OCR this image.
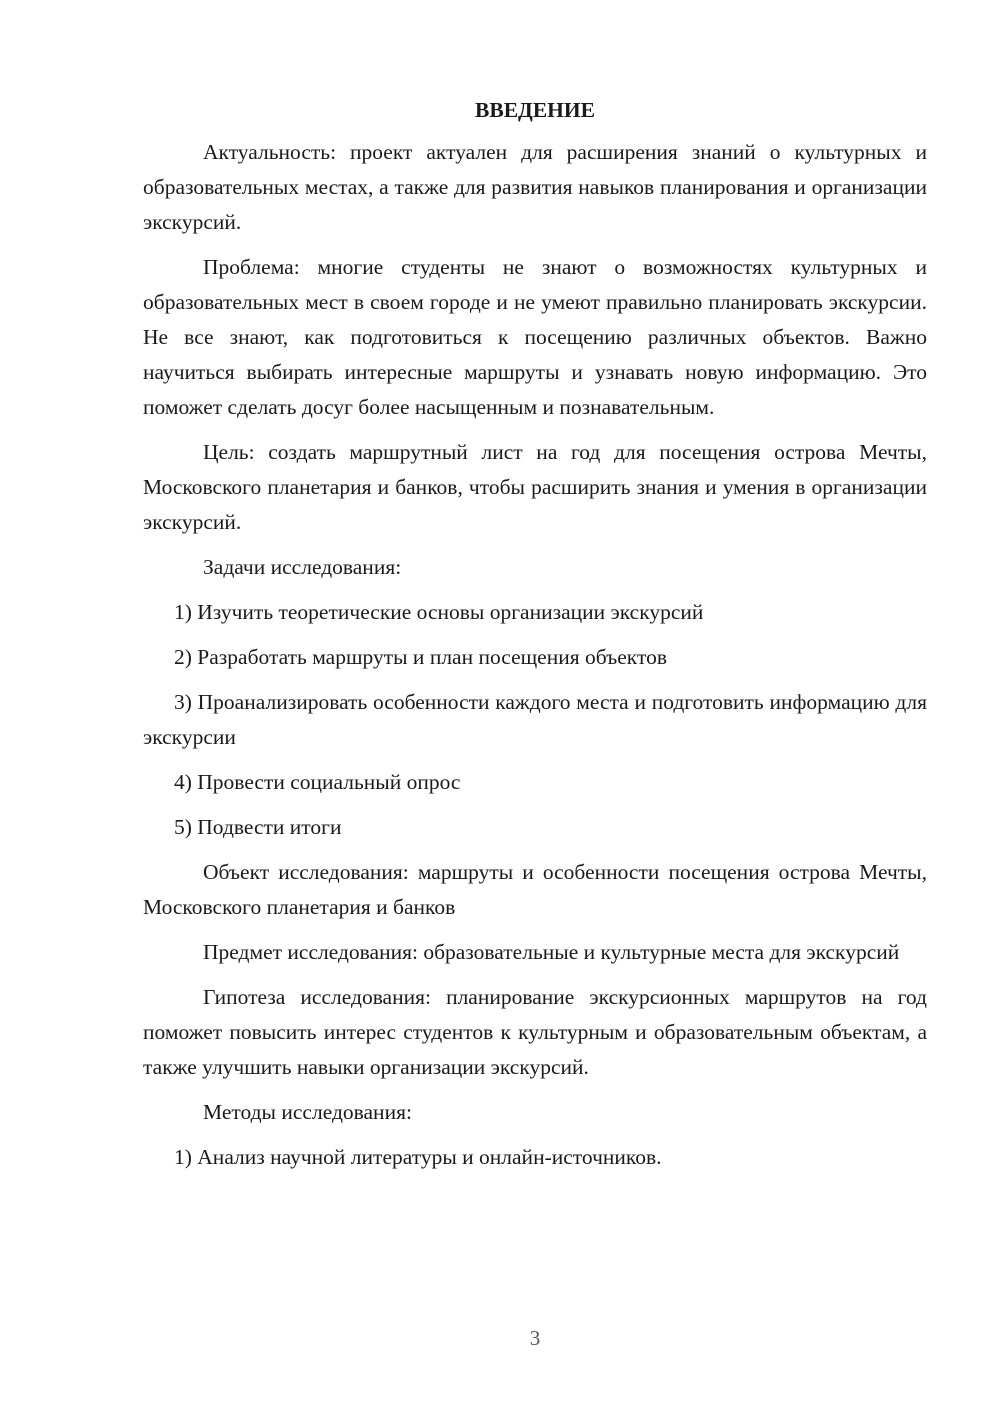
ВВЕДЕНИЕ

Актуальность: проект актуален для расширения знаний о культурных и образовательных местах, а также для развития навыков планирования и организации экскурсий.

Проблема: многие студенты не знают о возможностях культурных и образовательных мест в своем городе и не умеют правильно планировать экскурсии. Не все знают, как подготовиться к посещению различных объектов. Важно научиться выбирать интересные маршруты и узнавать новую информацию. Это поможет сделать досуг более насыщенным и познавательным.

Цель: создать маршрутный лист на год для посещения острова Мечты, Московского планетария и банков, чтобы расширить знания и умения в организации экскурсий.

Задачи исследования:

1) Изучить теоретические основы организации экскурсий

2) Разработать маршруты и план посещения объектов

3) Проанализировать особенности каждого места и подготовить информацию для экскурсии

4) Провести социальный опрос

5) Подвести итоги

Объект исследования: маршруты и особенности посещения острова Мечты, Московского планетария и банков

Предмет исследования: образовательные и культурные места для экскурсий

Гипотеза исследования: планирование экскурсионных маршрутов на год поможет повысить интерес студентов к культурным и образовательным объектам, а также улучшить навыки организации экскурсий.

Методы исследования:

1) Анализ научной литературы и онлайн-источников.

3
